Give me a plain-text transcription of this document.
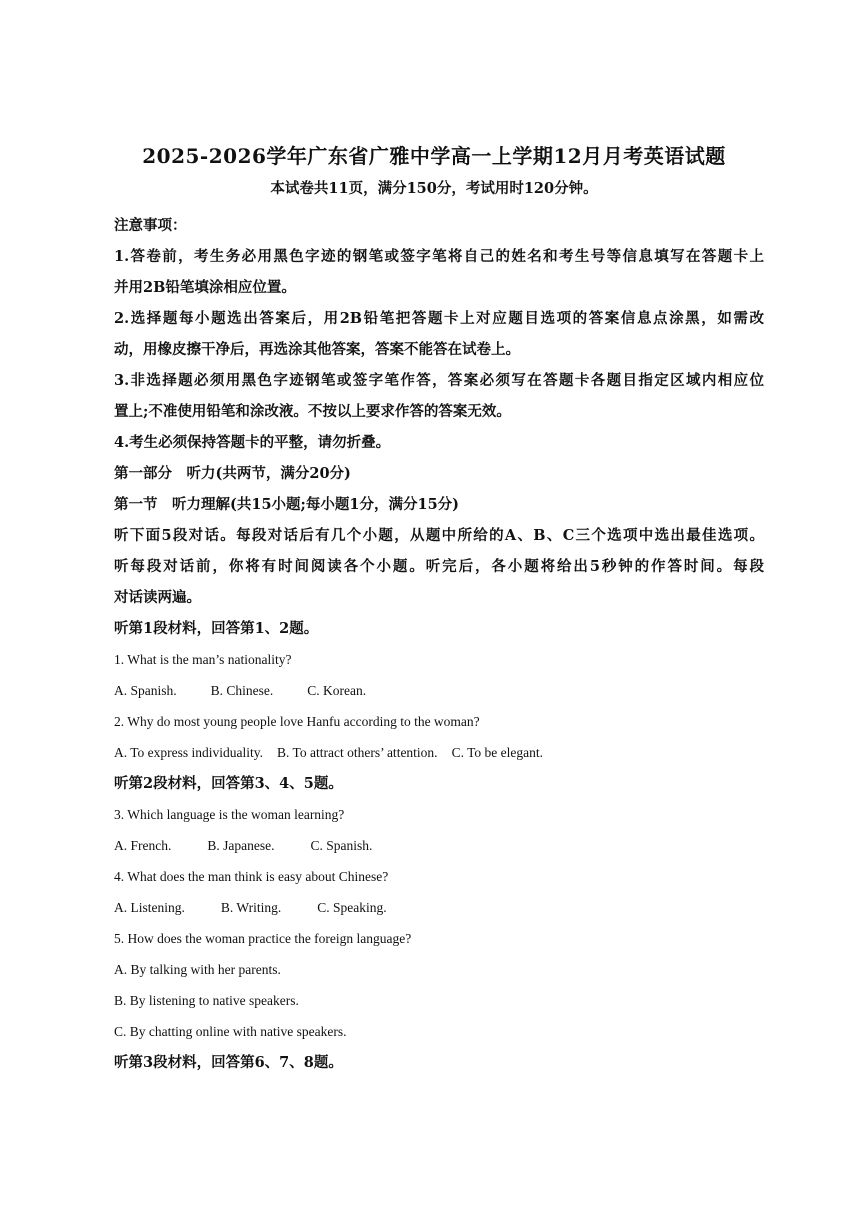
2025-2026学年广东省广雅中学高一上学期12月月考英语试题
本试卷共11页，满分150分，考试用时120分钟。
注意事项：
1.答卷前，考生务必用黑色字迹的钢笔或签字笔将自己的姓名和考生号等信息填写在答题卡上
并用2B铅笔填涂相应位置。
2.选择题每小题选出答案后，用2B铅笔把答题卡上对应题目选项的答案信息点涂黑，如需改
动，用橡皮擦干净后，再选涂其他答案，答案不能答在试卷上。
3.非选择题必须用黑色字迹钢笔或签字笔作答，答案必须写在答题卡各题目指定区域内相应位
置上;不准使用铅笔和涂改液。不按以上要求作答的答案无效。
4.考生必须保持答题卡的平整，请勿折叠。
第一部分　听力(共两节，满分20分)
第一节　听力理解(共15小题;每小题1分，满分15分)
听下面5段对话。每段对话后有几个小题，从题中所给的A、B、C三个选项中选出最佳选项。
听每段对话前，你将有时间阅读各个小题。听完后，各小题将给出5秒钟的作答时间。每段
对话读两遍。
听第1段材料，回答第1、2题。
1. What is the man’s nationality?
A. Spanish.	B. Chinese.	C. Korean.
2. Why do most young people love Hanfu according to the woman?
A. To express individuality. B. To attract others’ attention. C. To be elegant.
听第2段材料，回答第3、4、5题。
3. Which language is the woman learning?
A. French.	B. Japanese.	C. Spanish.
4. What does the man think is easy about Chinese?
A. Listening.	B. Writing.	C. Speaking.
5. How does the woman practice the foreign language?
A. By talking with her parents.
B. By listening to native speakers.
C. By chatting online with native speakers.
听第3段材料，回答第6、7、8题。
